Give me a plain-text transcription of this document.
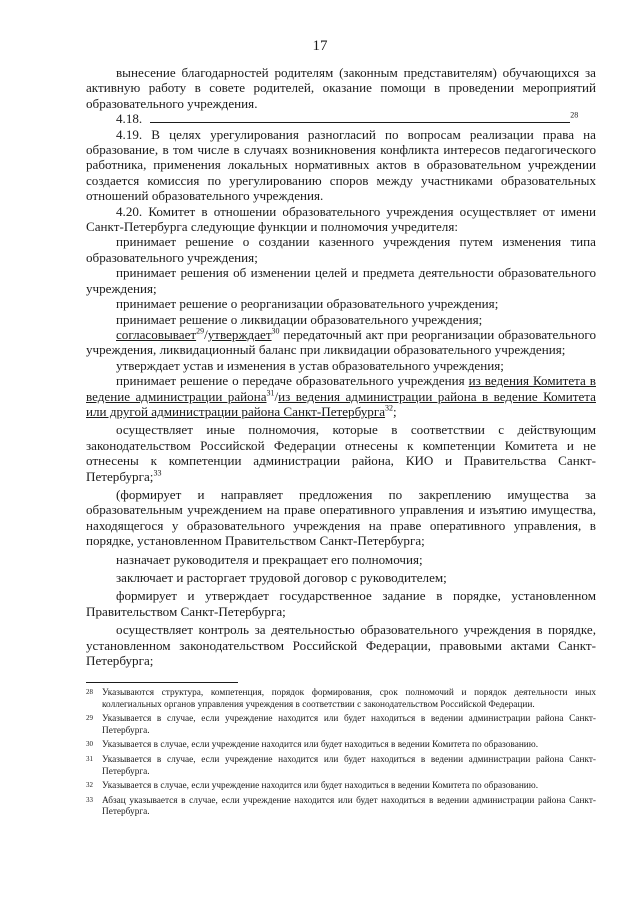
17

вынесение благодарностей родителям (законным представителям) обучающихся за активную работу в совете родителей, оказание помощи в проведении мероприятий образовательного учреждения.

4.18.	$^{28}$

4.19. В целях урегулирования разногласий по вопросам реализации права на образование, в том числе в случаях возникновения конфликта интересов педагогического работника, применения локальных нормативных актов в образовательном учреждении создается комиссия по урегулированию споров между участниками образовательных отношений образовательного учреждения.

4.20. Комитет в отношении образовательного учреждения осуществляет от имени Санкт-Петербурга следующие функции и полномочия учредителя:

принимает решение о создании казенного учреждения путем изменения типа образовательного учреждения;

принимает решения об изменении целей и предмета деятельности образовательного учреждения;

принимает решение о реорганизации образовательного учреждения;

принимает решение о ликвидации образовательного учреждения;

согласовывает$^{29}$/утверждает$^{30}$ передаточный акт при реорганизации образовательного учреждения, ликвидационный баланс при ликвидации образовательного учреждения;

утверждает устав и изменения в устав образовательного учреждения;

принимает решение о передаче образовательного учреждения из ведения Комитета в ведение администрации района$^{31}$/из ведения администрации района в ведение Комитета или другой администрации района Санкт-Петербурга$^{32}$;

осуществляет иные полномочия, которые в соответствии с действующим законодательством Российской Федерации отнесены к компетенции Комитета и не отнесены к компетенции администрации района, КИО и Правительства Санкт-Петербурга;$^{33}$

(формирует и направляет предложения по закреплению имущества за образовательным учреждением на праве оперативного управления и изъятию имущества, находящегося у образовательного учреждения на праве оперативного управления, в порядке, установленном Правительством Санкт-Петербурга;

назначает руководителя и прекращает его полномочия;

заключает и расторгает трудовой договор с руководителем;

формирует и утверждает государственное задание в порядке, установленном Правительством Санкт-Петербурга;

осуществляет контроль за деятельностью образовательного учреждения в порядке, установленном законодательством Российской Федерации, правовыми актами Санкт-Петербурга;

28 Указываются структура, компетенция, порядок формирования, срок полномочий и порядок деятельности иных коллегиальных органов управления учреждения в соответствии с законодательством Российской Федерации.
29 Указывается в случае, если учреждение находится или будет находиться в ведении администрации района Санкт-Петербурга.
30 Указывается в случае, если учреждение находится или будет находиться в ведении Комитета по образованию.
31 Указывается в случае, если учреждение находится или будет находиться в ведении администрации района Санкт-Петербурга.
32 Указывается в случае, если учреждение находится или будет находиться в ведении Комитета по образованию.
33 Абзац указывается в случае, если учреждение находится или будет находиться в ведении администрации района Санкт-Петербурга.
